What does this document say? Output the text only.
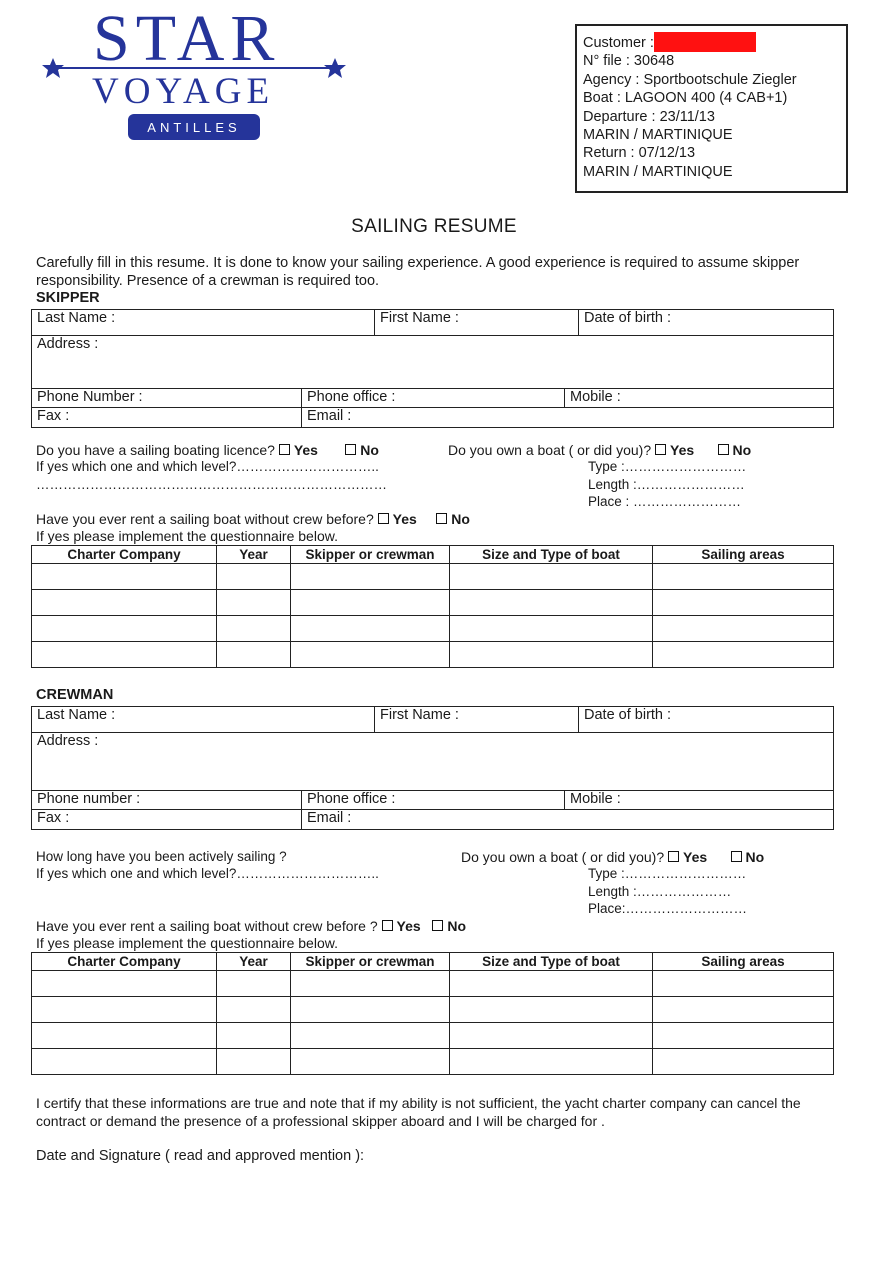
STAR
VOYAGE
ANTILLES
Customer :
N° file : 30648
Agency : Sportbootschule Ziegler
Boat : LAGOON 400 (4 CAB+1)
Departure : 23/11/13
MARIN / MARTINIQUE
Return : 07/12/13
MARIN / MARTINIQUE
SAILING RESUME
Carefully fill in this resume. It is done to know your sailing experience. A good experience is required to assume skipper responsibility. Presence of a crewman is required too.
SKIPPER
Last Name :	First Name :	Date of birth :
Address :
Phone Number :	Phone office :	Mobile :
Fax :	Email :	
Do you have a sailing boating licence? Yes	No	Do you own a boat ( or did you)? Yes	No
If yes which one and which level?…………………………..
……………………………………………………………………
Type :………………………
Length :……………………
Place : ……………………
Have you ever rent a sailing boat without crew before? Yes No
If yes please implement the questionnaire below.
Charter Company	Year	Skipper or crewman	Size and Type of boat	Sailing areas

CREWMAN
Last Name :	First Name :	Date of birth :
Address :
Phone number :	Phone office :	Mobile :
Fax :	Email :	
How long have you been actively sailing ?	Do you own a boat ( or did you)? Yes	No
If yes which one and which level?…………………………..	Type :………………………
Length :…………………
Place:………………………
Have you ever rent a sailing boat without crew before ? Yes No
If yes please implement the questionnaire below.
Charter Company	Year	Skipper or crewman	Size and Type of boat	Sailing areas

I certify that these informations are true and note that if my ability is not sufficient, the yacht charter company can cancel the contract or demand the presence of a professional skipper aboard and I will be charged for .
Date and Signature ( read and approved mention ):
